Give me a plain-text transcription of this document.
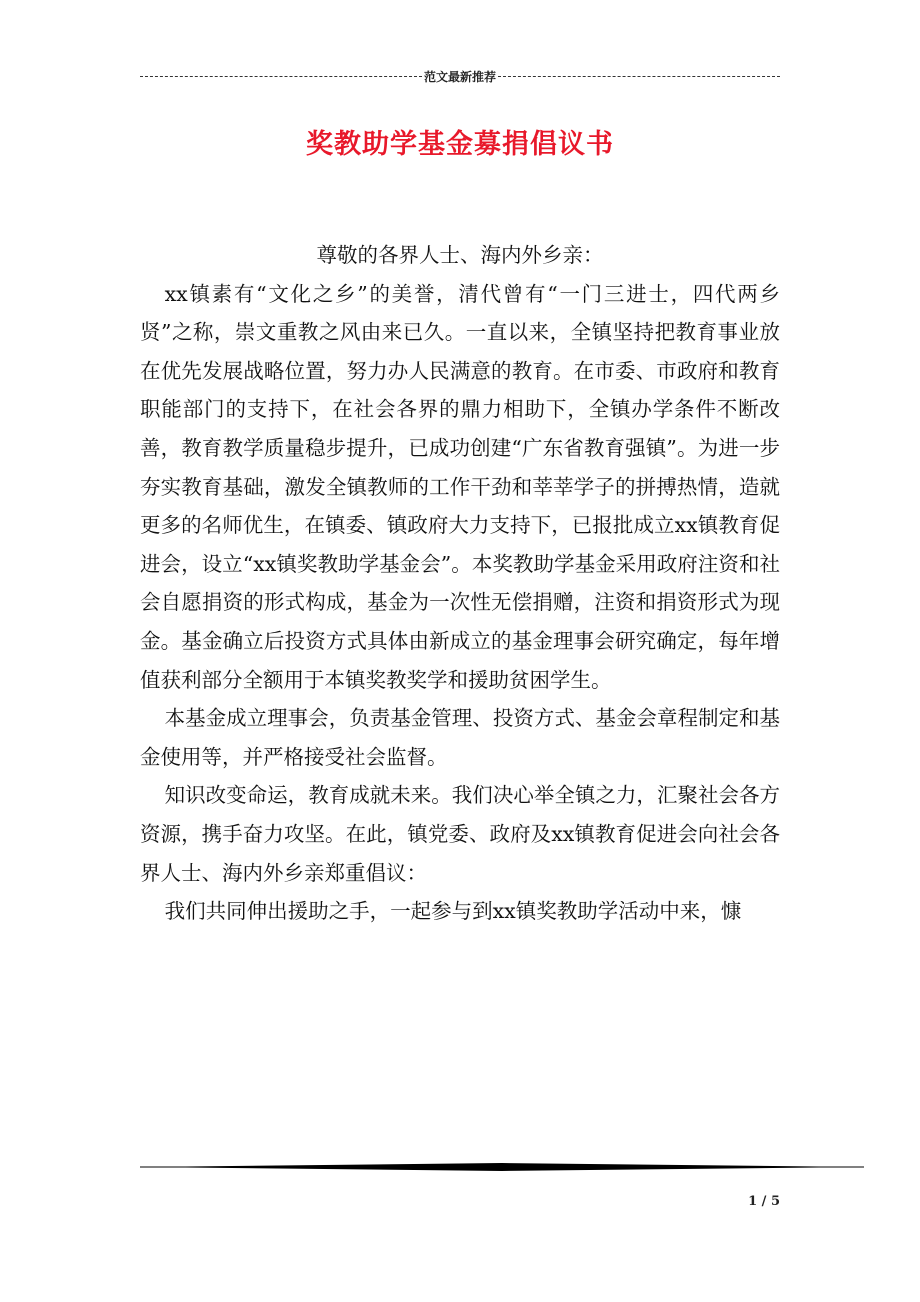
范文最新推荐
奖教助学基金募捐倡议书

尊敬的各界人士、海内外乡亲：

xx镇素有“文化之乡”的美誉，清代曾有“一门三进士，四代两乡贤”之称，崇文重教之风由来已久。一直以来，全镇坚持把教育事业放在优先发展战略位置，努力办人民满意的教育。在市委、市政府和教育职能部门的支持下，在社会各界的鼎力相助下，全镇办学条件不断改善，教育教学质量稳步提升，已成功创建“广东省教育强镇”。为进一步夯实教育基础，激发全镇教师的工作干劲和莘莘学子的拼搏热情，造就更多的名师优生，在镇委、镇政府大力支持下，已报批成立xx镇教育促进会，设立“xx镇奖教助学基金会”。本奖教助学基金采用政府注资和社会自愿捐资的形式构成，基金为一次性无偿捐赠，注资和捐资形式为现金。基金确立后投资方式具体由新成立的基金理事会研究确定，每年增值获利部分全额用于本镇奖教奖学和援助贫困学生。

本基金成立理事会，负责基金管理、投资方式、基金会章程制定和基金使用等，并严格接受社会监督。

知识改变命运，教育成就未来。我们决心举全镇之力，汇聚社会各方资源，携手奋力攻坚。在此，镇党委、政府及xx镇教育促进会向社会各界人士、海内外乡亲郑重倡议：

我们共同伸出援助之手，一起参与到xx镇奖教助学活动中来，慷

1 / 5
